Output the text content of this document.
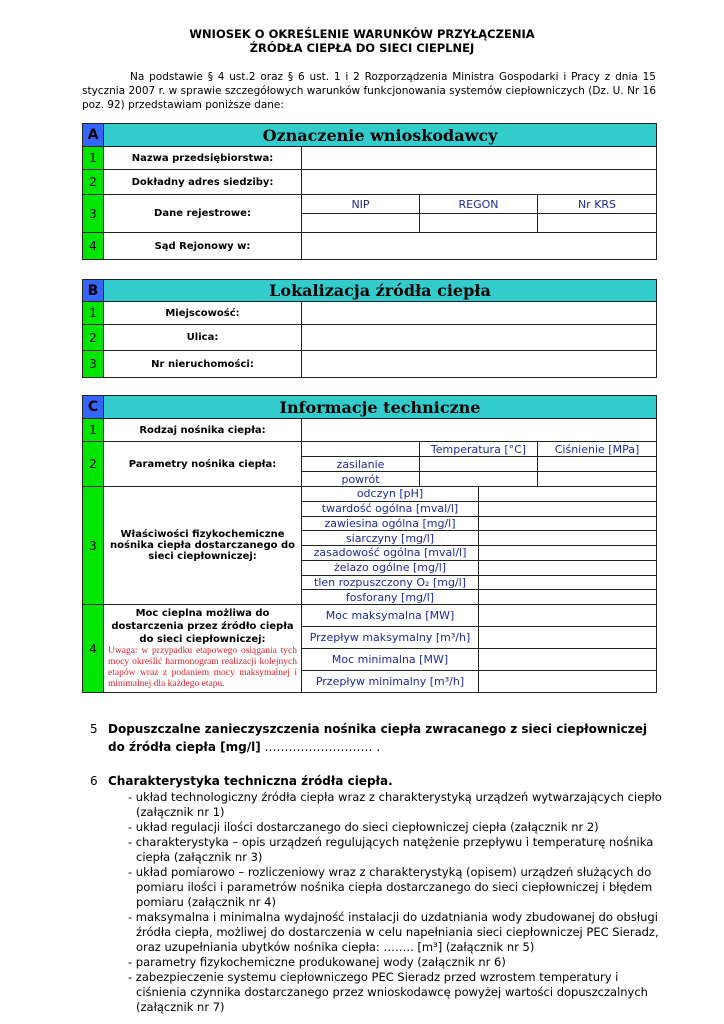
WNIOSEK O OKREŚLENIE WARUNKÓW PRZYŁĄCZENIA
ŹRÓDŁA CIEPŁA DO SIECI CIEPLNEJ
Na podstawie § 4 ust.2 oraz § 6 ust. 1 i 2 Rozporządzenia Ministra Gospodarki i Pracy z dnia 15 stycznia 2007 r. w sprawie szczegółowych warunków funkcjonowania systemów ciepłowniczych (Dz. U. Nr 16 poz. 92) przedstawiam poniższe dane:
A	Oznaczenie wnioskodawcy			
1	Nazwa przedsiębiorstwa:			
2	Dokładny adres siedziby:			
3	Dane rejestrowe:	NIP	REGON	Nr KRS

4	Sąd Rejonowy w:			
B	Lokalizacja źródła ciepła	
1	Miejscowość:	
2	Ulica:	
3	Nr nieruchomości:	
C	Informacje techniczne				
1	Rodzaj nośnika ciepła:				
2	Parametry nośnika ciepła:		Temperatura [°C]		Ciśnienie [MPa]
		zasilanie			
		powrót			
3	Właściwości fizykochemiczne nośnika ciepła dostarczanego do sieci ciepłowniczej:	odczyn [pH]			
		twardość ogólna [mval/l]			
		zawiesina ogólna [mg/l]			
		siarczyny [mg/l]			
		zasadowość ogólna [mval/l]			
		żelazo ogólne [mg/l]			
		tlen rozpuszczony O₂ [mg/l]			
		fosforany [mg/l]			
4	Moc cieplna możliwa do dostarczenia przez źródło ciepła do sieci ciepłowniczej:
Uwaga: w przypadku etapowego osiągania tych mocy określić harmonogram realizacji kolejnych etapów wraz z podaniem mocy maksymalnej i minimalnej dla każdego etapu.	Moc maksymalna [MW]			
		Przepływ maksymalny [m³/h]			
		Moc minimalna [MW]			
		Przepływ minimalny [m³/h]			
5 Dopuszczalne zanieczyszczenia nośnika ciepła zwracanego z sieci ciepłowniczej do źródła ciepła [mg/l] ……………………… .
6 Charakterystyka techniczna źródła ciepła.
- układ technologiczny źródła ciepła wraz z charakterystyką urządzeń wytwarzających ciepło (załącznik nr 1)
- układ regulacji ilości dostarczanego do sieci ciepłowniczej ciepła (załącznik nr 2)
- charakterystyka – opis urządzeń regulujących natężenie przepływu i temperaturę nośnika ciepła (załącznik nr 3)
- układ pomiarowo – rozliczeniowy wraz z charakterystyką (opisem) urządzeń służących do pomiaru ilości i parametrów nośnika ciepła dostarczanego do sieci ciepłowniczej i błędem pomiaru (załącznik nr 4)
- maksymalna i minimalna wydajność instalacji do uzdatniania wody zbudowanej do obsługi źródła ciepła, możliwej do dostarczenia w celu napełniania sieci ciepłowniczej PEC Sieradz, oraz uzupełniania ubytków nośnika ciepła: …….. [m³] (załącznik nr 5)
- parametry fizykochemiczne produkowanej wody (załącznik nr 6)
- zabezpieczenie systemu ciepłowniczego PEC Sieradz przed wzrostem temperatury i ciśnienia czynnika dostarczanego przez wnioskodawcę powyżej wartości dopuszczalnych (załącznik nr 7)
